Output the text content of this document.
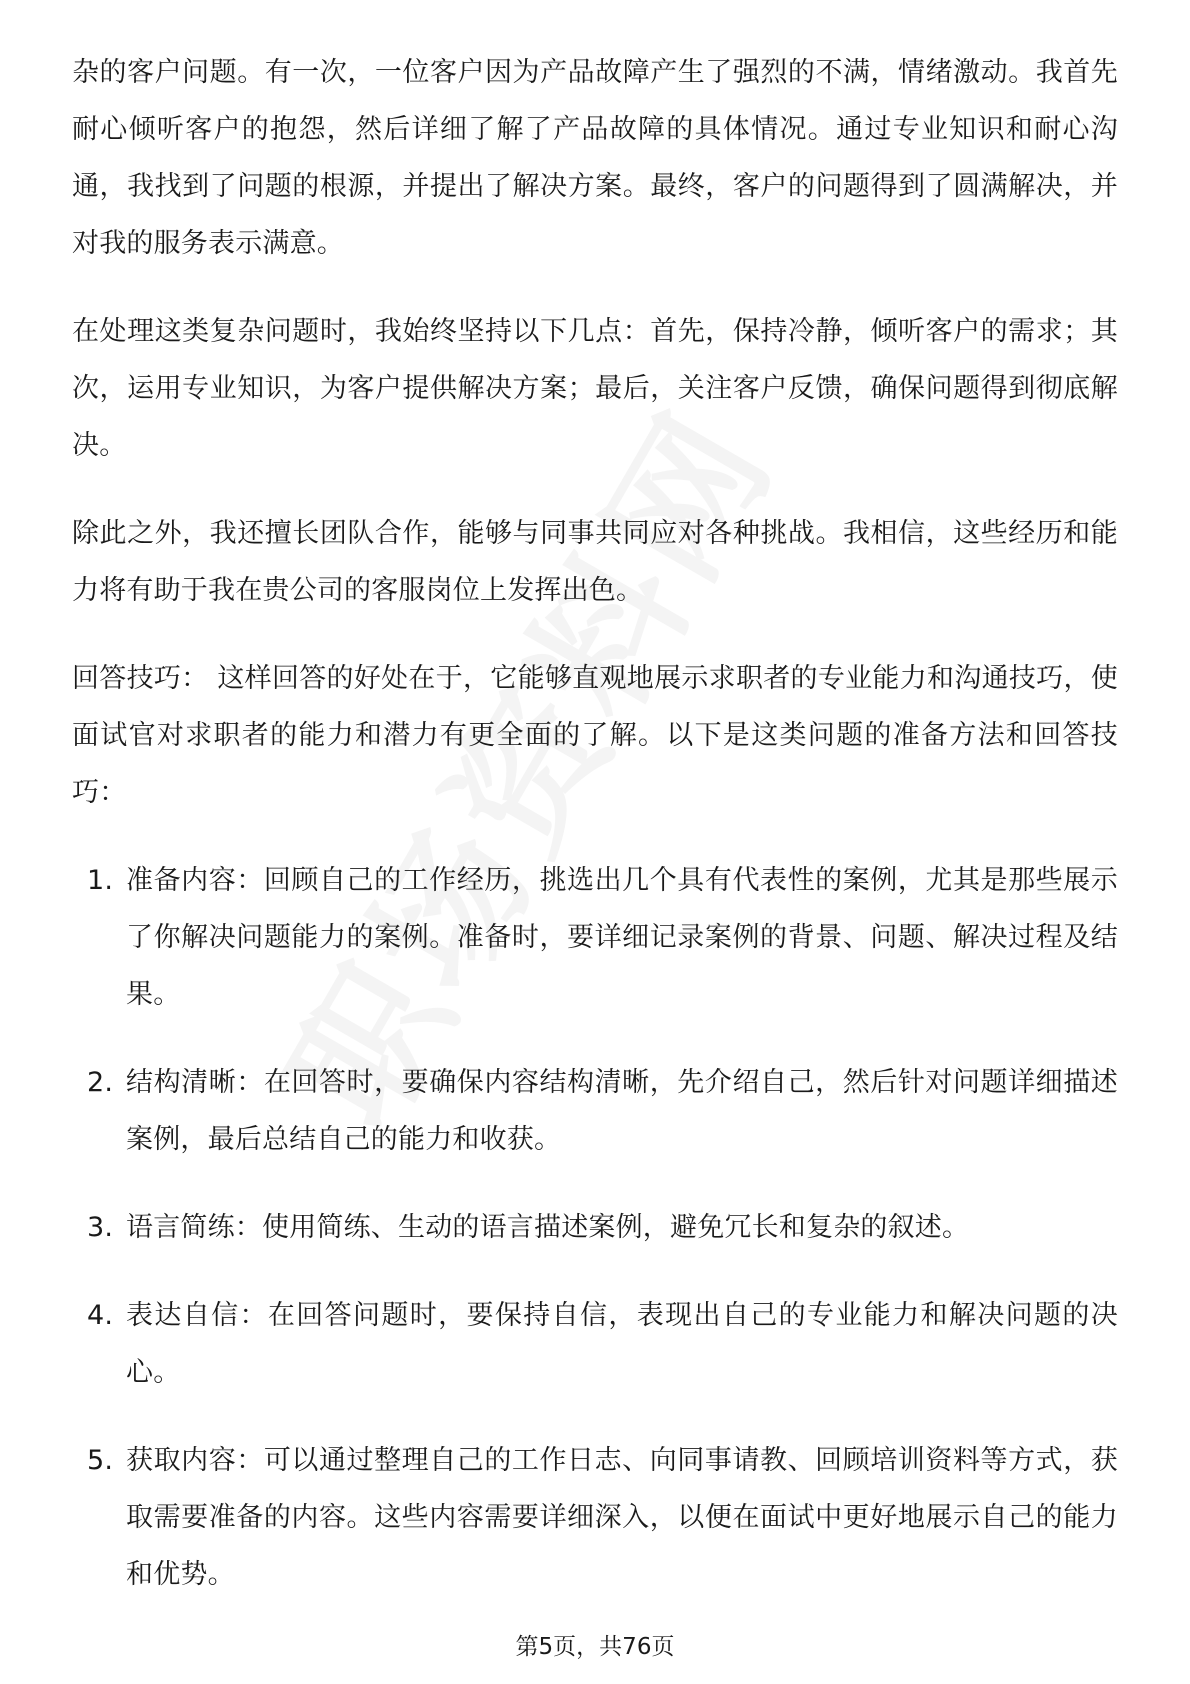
杂的客户问题。有一次，一位客户因为产品故障产生了强烈的不满，情绪激动。我首先耐心倾听客户的抱怨，然后详细了解了产品故障的具体情况。通过专业知识和耐心沟通，我找到了问题的根源，并提出了解决方案。最终，客户的问题得到了圆满解决，并对我的服务表示满意。

在处理这类复杂问题时，我始终坚持以下几点：首先，保持冷静，倾听客户的需求；其次，运用专业知识，为客户提供解决方案；最后，关注客户反馈，确保问题得到彻底解决。

除此之外，我还擅长团队合作，能够与同事共同应对各种挑战。我相信，这些经历和能力将有助于我在贵公司的客服岗位上发挥出色。

回答技巧： 这样回答的好处在于，它能够直观地展示求职者的专业能力和沟通技巧，使面试官对求职者的能力和潜力有更全面的了解。以下是这类问题的准备方法和回答技巧：

1. 准备内容：回顾自己的工作经历，挑选出几个具有代表性的案例，尤其是那些展示了你解决问题能力的案例。准备时，要详细记录案例的背景、问题、解决过程及结果。
2. 结构清晰：在回答时，要确保内容结构清晰，先介绍自己，然后针对问题详细描述案例，最后总结自己的能力和收获。
3. 语言简练：使用简练、生动的语言描述案例，避免冗长和复杂的叙述。
4. 表达自信：在回答问题时，要保持自信，表现出自己的专业能力和解决问题的决心。
5. 获取内容：可以通过整理自己的工作日志、向同事请教、回顾培训资料等方式，获取需要准备的内容。这些内容需要详细深入，以便在面试中更好地展示自己的能力和优势。
第5页，共76页
